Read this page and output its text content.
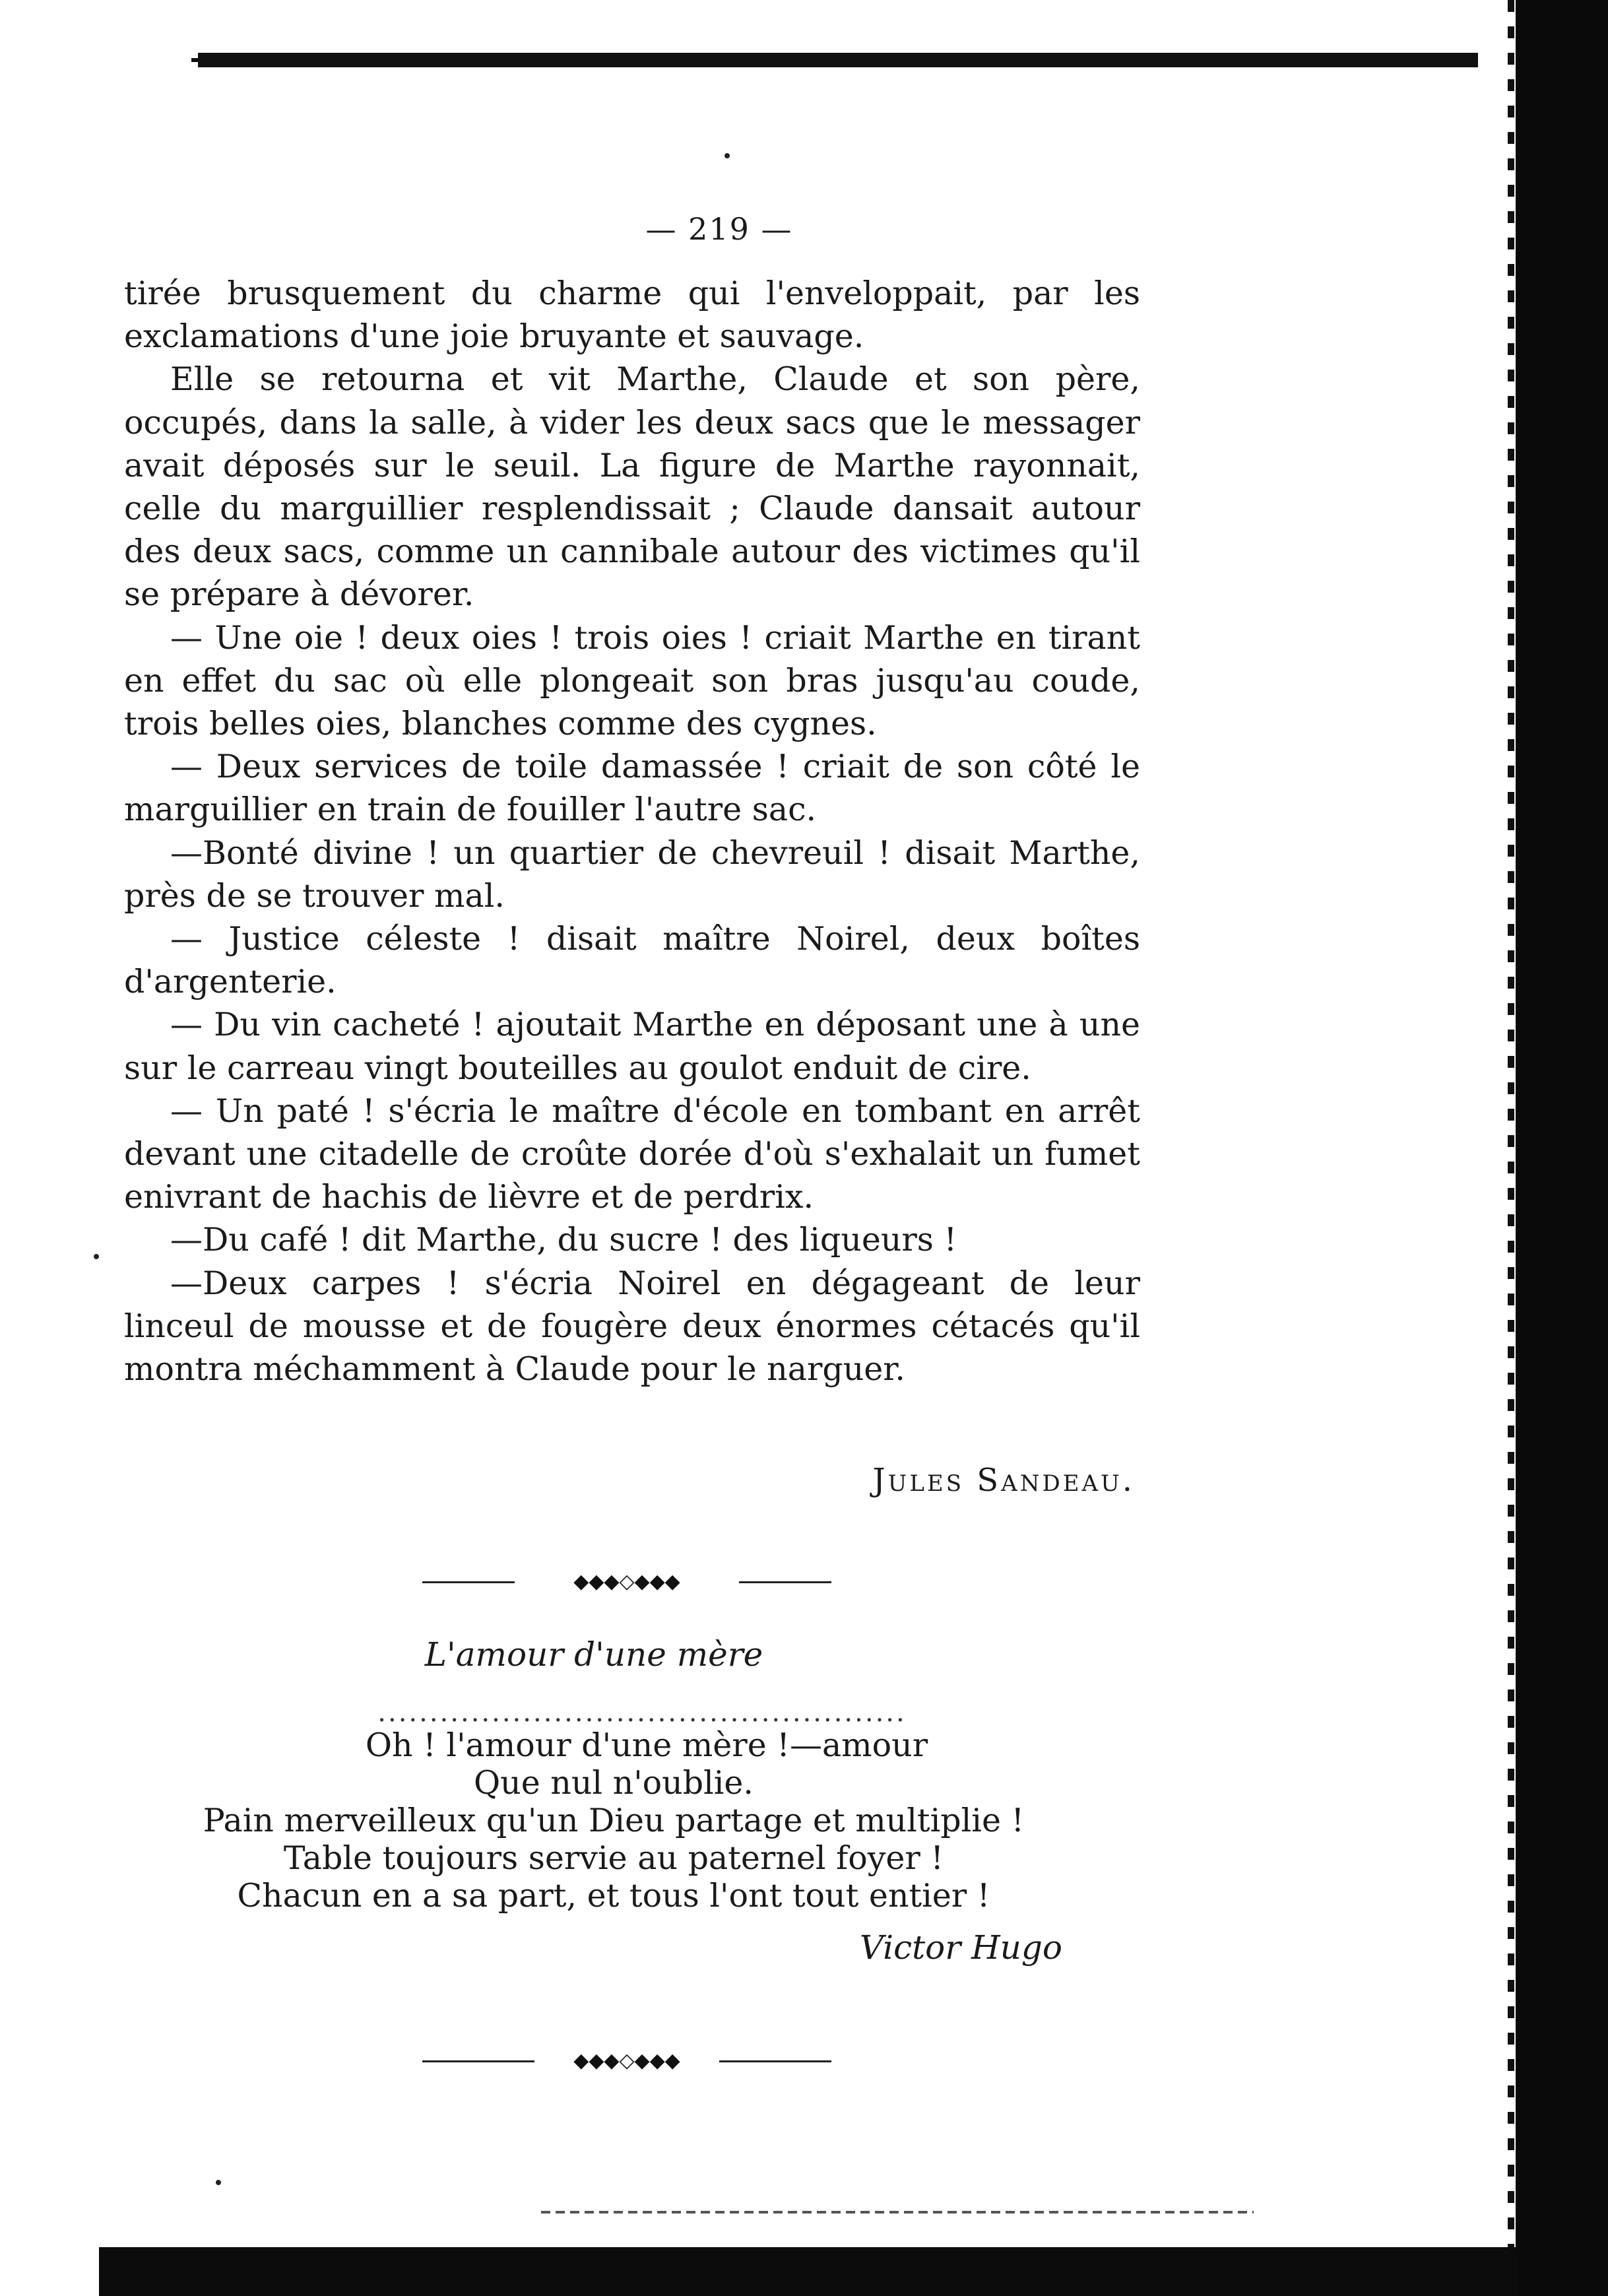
— 219 —

tirée brusquement du charme qui l'enveloppait, par les exclamations d'une joie bruyante et sauvage.

Elle se retourna et vit Marthe, Claude et son père, occupés, dans la salle, à vider les deux sacs que le messager avait déposés sur le seuil. La figure de Marthe rayonnait, celle du marguillier resplendissait ; Claude dansait autour des deux sacs, comme un cannibale autour des victimes qu'il se prépare à dévorer.

— Une oie ! deux oies ! trois oies ! criait Marthe en tirant en effet du sac où elle plongeait son bras jusqu'au coude, trois belles oies, blanches comme des cygnes.

— Deux services de toile damassée ! criait de son côté le marguillier en train de fouiller l'autre sac.

—Bonté divine ! un quartier de chevreuil ! disait Marthe, près de se trouver mal.

— Justice céleste ! disait maître Noirel, deux boîtes d'argenterie.

— Du vin cacheté ! ajoutait Marthe en déposant une à une sur le carreau vingt bouteilles au goulot enduit de cire.

— Un paté ! s'écria le maître d'école en tombant en arrêt devant une citadelle de croûte dorée d'où s'exhalait un fumet enivrant de hachis de lièvre et de perdrix.

—Du café ! dit Marthe, du sucre ! des liqueurs !

—Deux carpes ! s'écria Noirel en dégageant de leur linceul de mousse et de fougère deux énormes cétacés qu'il montra méchamment à Claude pour le narguer.

Jules Sandeau.
◆◆◆◇◆◆◆
L'amour d'une mère
...................................................
Oh ! l'amour d'une mère !—amour
Que nul n'oublie.
Pain merveilleux qu'un Dieu partage et multiplie !
Table toujours servie au paternel foyer !
Chacun en a sa part, et tous l'ont tout entier !
Victor Hugo
◆◆◆◇◆◆◆
